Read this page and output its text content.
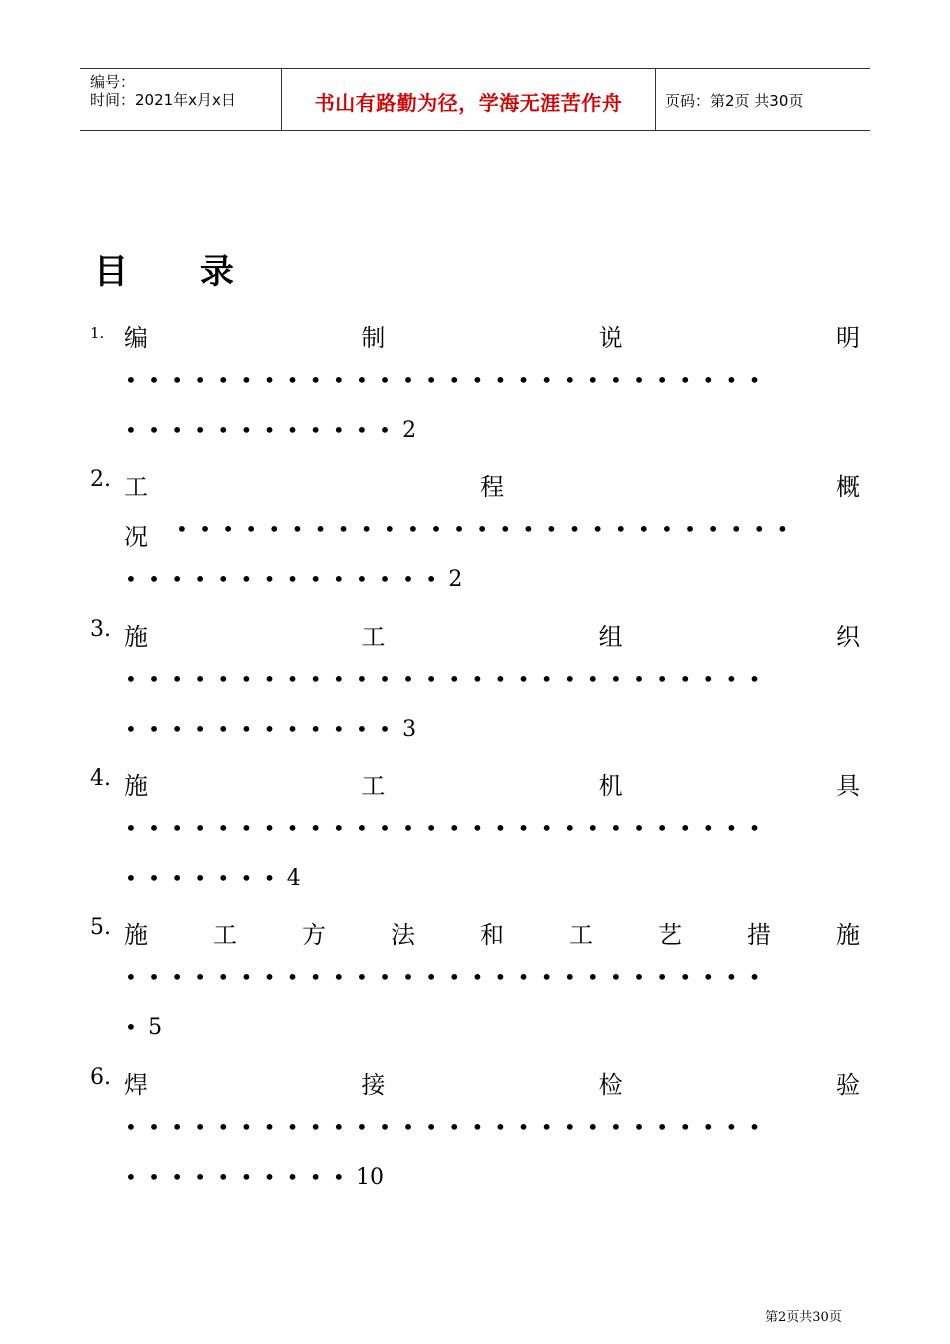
编号：
时间：2021年x月x日	书山有路勤为径，学海无涯苦作舟	页码：第2页 共30页
目 录
1. 编	制	说	明
••••••••••••••••••••••••••••
••••••••••••2
2. 工	程	概
况 •••••••••••••••••••••••••••
••••••••••••••2
3. 施	工	组	织
••••••••••••••••••••••••••••
••••••••••••3
4. 施	工	机	具
••••••••••••••••••••••••••••
•••••••4
5. 施	工	方	法	和	工	艺	措	施
••••••••••••••••••••••••••••
•5
6. 焊	接	检	验
••••••••••••••••••••••••••••
••••••••••10
第2页共30页
